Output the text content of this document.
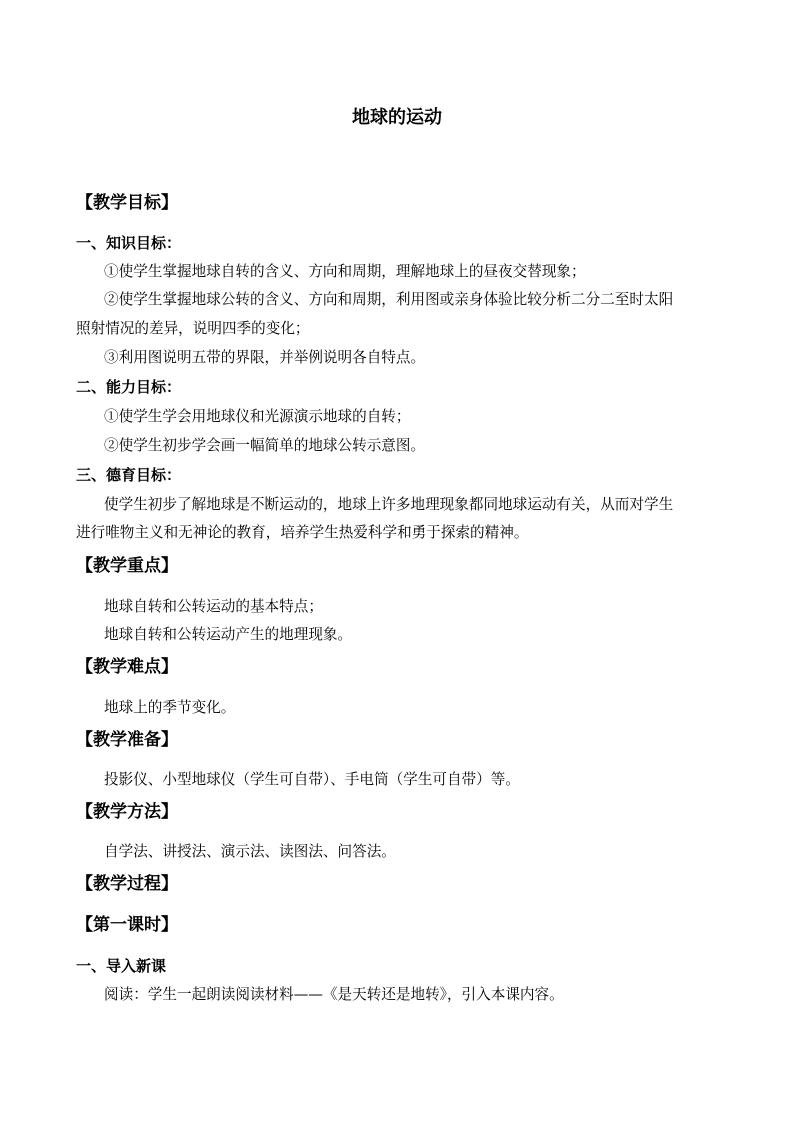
地球的运动
【教学目标】
一、知识目标：
①使学生掌握地球自转的含义、方向和周期，理解地球上的昼夜交替现象；
②使学生掌握地球公转的含义、方向和周期，利用图或亲身体验比较分析二分二至时太阳
照射情况的差异，说明四季的变化；
③利用图说明五带的界限，并举例说明各自特点。
二、能力目标：
①使学生学会用地球仪和光源演示地球的自转；
②使学生初步学会画一幅简单的地球公转示意图。
三、德育目标：
使学生初步了解地球是不断运动的，地球上许多地理现象都同地球运动有关，从而对学生
进行唯物主义和无神论的教育，培养学生热爱科学和勇于探索的精神。
【教学重点】
地球自转和公转运动的基本特点；
地球自转和公转运动产生的地理现象。
【教学难点】
地球上的季节变化。
【教学准备】
投影仪、小型地球仪（学生可自带）、手电筒（学生可自带）等。
【教学方法】
自学法、讲授法、演示法、读图法、问答法。
【教学过程】
【第一课时】
一、导入新课
阅读：学生一起朗读阅读材料——《是天转还是地转》，引入本课内容。
